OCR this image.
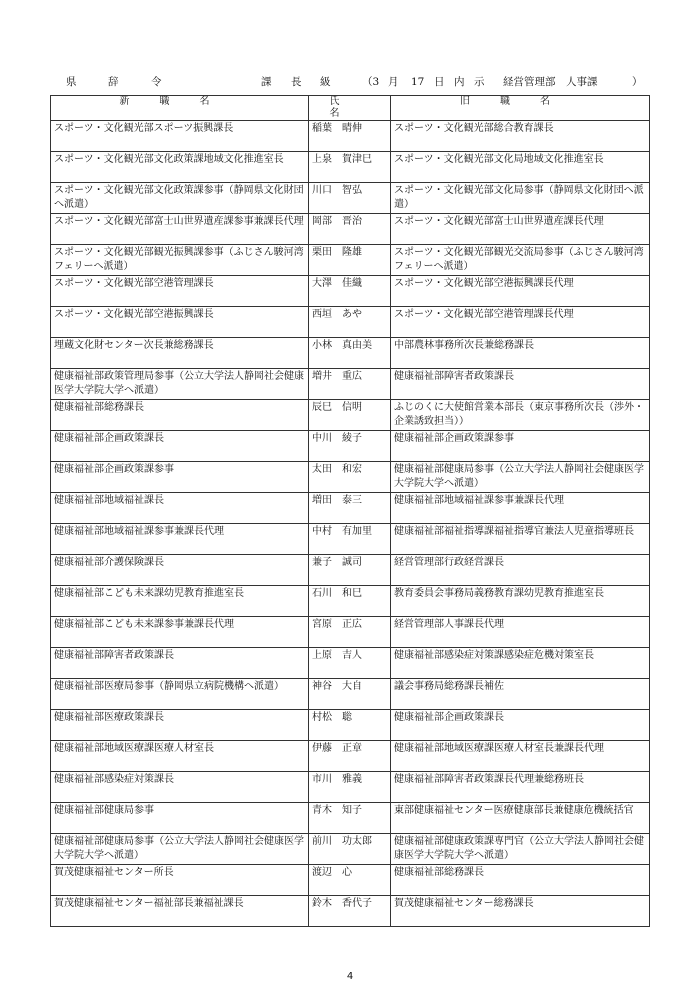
県	辞	令	課 長 級	（3 月 17 日 内 示 経営管理部　人事課	）
新職名	氏名	旧職名
スポーツ・文化観光部スポーツ振興課長	稲葉　晴伸	スポーツ・文化観光部総合教育課長
スポーツ・文化観光部文化政策課地域文化推進室長	上泉　賀津巳	スポーツ・文化観光部文化局地域文化推進室長
スポーツ・文化観光部文化政策課参事（静岡県文化財団へ派遣）	川口　智弘	スポーツ・文化観光部文化局参事（静岡県文化財団へ派遣）
スポーツ・文化観光部富士山世界遺産課参事兼課長代理	岡部　晋治	スポーツ・文化観光部富士山世界遺産課長代理
スポーツ・文化観光部観光振興課参事（ふじさん駿河湾フェリーへ派遣）	栗田　隆雄	スポーツ・文化観光部観光交流局参事（ふじさん駿河湾フェリーへ派遣）
スポーツ・文化観光部空港管理課長	大澤　佳織	スポーツ・文化観光部空港振興課長代理
スポーツ・文化観光部空港振興課長	西垣　あや	スポーツ・文化観光部空港管理課長代理
埋蔵文化財センター次長兼総務課長	小林　真由美	中部農林事務所次長兼総務課長
健康福祉部政策管理局参事（公立大学法人静岡社会健康医学大学院大学へ派遣）	増井　重広	健康福祉部障害者政策課長
健康福祉部総務課長	辰巳　信明	ふじのくに大使館営業本部長（東京事務所次長（渉外・企業誘致担当））
健康福祉部企画政策課長	中川　綾子	健康福祉部企画政策課参事
健康福祉部企画政策課参事	太田　和宏	健康福祉部健康局参事（公立大学法人静岡社会健康医学大学院大学へ派遣）
健康福祉部地域福祉課長	増田　泰三	健康福祉部地域福祉課参事兼課長代理
健康福祉部地域福祉課参事兼課長代理	中村　有加里	健康福祉部福祉指導課福祉指導官兼法人児童指導班長
健康福祉部介護保険課長	兼子　誠司	経営管理部行政経営課長
健康福祉部こども未来課幼児教育推進室長	石川　和巳	教育委員会事務局義務教育課幼児教育推進室長
健康福祉部こども未来課参事兼課長代理	宮原　正広	経営管理部人事課長代理
健康福祉部障害者政策課長	上原　吉人	健康福祉部感染症対策課感染症危機対策室長
健康福祉部医療局参事（静岡県立病院機構へ派遣）	神谷　大自	議会事務局総務課長補佐
健康福祉部医療政策課長	村松　聡	健康福祉部企画政策課長
健康福祉部地域医療課医療人材室長	伊藤　正章	健康福祉部地域医療課医療人材室長兼課長代理
健康福祉部感染症対策課長	市川　雅義	健康福祉部障害者政策課長代理兼総務班長
健康福祉部健康局参事	青木　知子	東部健康福祉センター医療健康部長兼健康危機統括官
健康福祉部健康局参事（公立大学法人静岡社会健康医学大学院大学へ派遣）	前川　功太郎	健康福祉部健康政策課専門官（公立大学法人静岡社会健康医学大学院大学へ派遣）
賀茂健康福祉センター所長	渡辺　心	健康福祉部総務課長
賀茂健康福祉センター福祉部長兼福祉課長	鈴木　香代子	賀茂健康福祉センター総務課長
4
